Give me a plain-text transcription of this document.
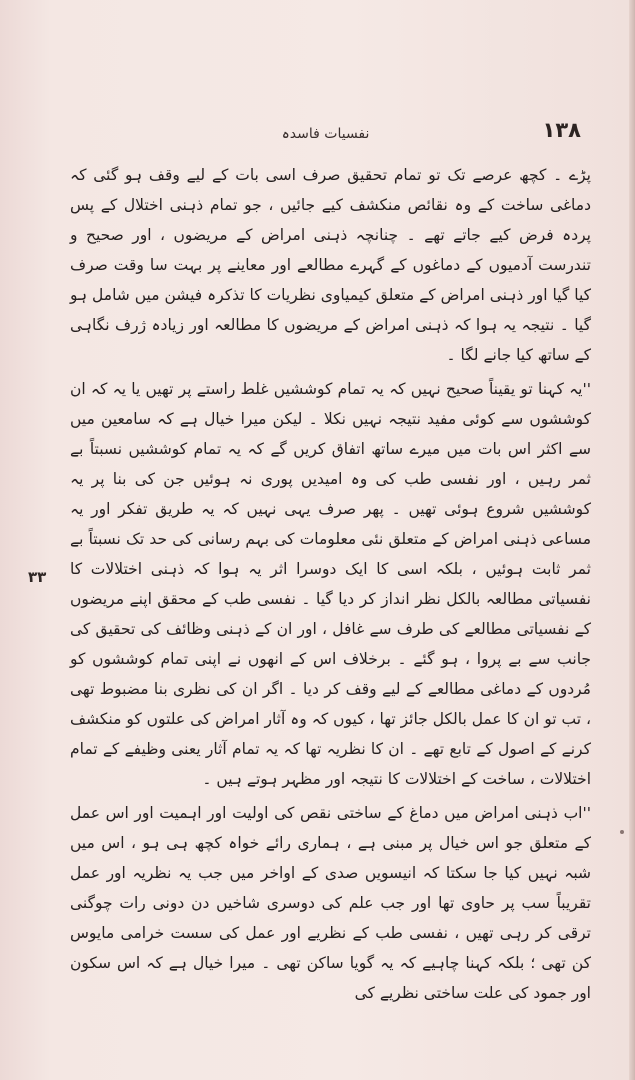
نفسیات فاسدہ	۱۳۸
۳۳

پڑے ۔ کچھ عرصے تک تو تمام تحقیق صرف اسی بات کے لیے وقف ہو گئی کہ دماغی ساخت کے وہ نقائص منکشف کیے جائیں ، جو تمام ذہنی اختلال کے پس پردہ فرض کیے جاتے تھے ۔ چنانچہ ذہنی امراض کے مریضوں ، اور صحیح و تندرست آدمیوں کے دماغوں کے گہرے مطالعے اور معاینے پر بہت سا وقت صرف کیا گیا اور ذہنی امراض کے متعلق کیمیاوی نظریات کا تذکرہ فیشن میں شامل ہو گیا ۔ نتیجہ یہ ہوا کہ ذہنی امراض کے مریضوں کا مطالعہ اور زیادہ ژرف نگاہی کے ساتھ کیا جانے لگا ۔

''یہ کہنا تو یقیناً صحیح نہیں کہ یہ تمام کوششیں غلط راستے پر تھیں یا یہ کہ ان کوششوں سے کوئی مفید نتیجہ نہیں نکلا ۔ لیکن میرا خیال ہے کہ سامعین میں سے اکثر اس بات میں میرے ساتھ اتفاق کریں گے کہ یہ تمام کوششیں نسبتاً بے ثمر رہیں ، اور نفسی طب کی وہ امیدیں پوری نہ ہوئیں جن کی بنا پر یہ کوششیں شروع ہوئی تھیں ۔ پھر صرف یہی نہیں کہ یہ طریق تفکر اور یہ مساعی ذہنی امراض کے متعلق نئی معلومات کی بہم رسانی کی حد تک نسبتاً بے ثمر ثابت ہوئیں ، بلکہ اسی کا ایک دوسرا اثر یہ ہوا کہ ذہنی اختلالات کا نفسیاتی مطالعہ بالکل نظر انداز کر دیا گیا ۔ نفسی طب کے محقق اپنے مریضوں کے نفسیاتی مطالعے کی طرف سے غافل ، اور ان کے ذہنی وظائف کی تحقیق کی جانب سے بے پروا ، ہو گئے ۔ برخلاف اس کے انھوں نے اپنی تمام کوششوں کو مُردوں کے دماغی مطالعے کے لیے وقف کر دیا ۔ اگر ان کی نظری بنا مضبوط تھی ، تب تو ان کا عمل بالکل جائز تھا ، کیوں کہ وہ آثار امراض کی علتوں کو منکشف کرنے کے اصول کے تابع تھے ۔ ان کا نظریہ تھا کہ یہ تمام آثار یعنی وظیفے کے تمام اختلالات ، ساخت کے اختلالات کا نتیجہ اور مظہر ہوتے ہیں ۔

''اب ذہنی امراض میں دماغ کے ساختی نقص کی اولیت اور اہمیت اور اس عمل کے متعلق جو اس خیال پر مبنی ہے ، ہماری رائے خواہ کچھ ہی ہو ، اس میں شبہ نہیں کیا جا سکتا کہ انیسویں صدی کے اواخر میں جب یہ نظریہ اور عمل تقریباً سب پر حاوی تھا اور جب علم کی دوسری شاخیں دن دونی رات چوگنی ترقی کر رہی تھیں ، نفسی طب کے نظریے اور عمل کی سست خرامی مایوس کن تھی ؛ بلکہ کہنا چاہیے کہ یہ گویا ساکن تھی ۔ میرا خیال ہے کہ اس سکون اور جمود کی علت ساختی نظریے کی
